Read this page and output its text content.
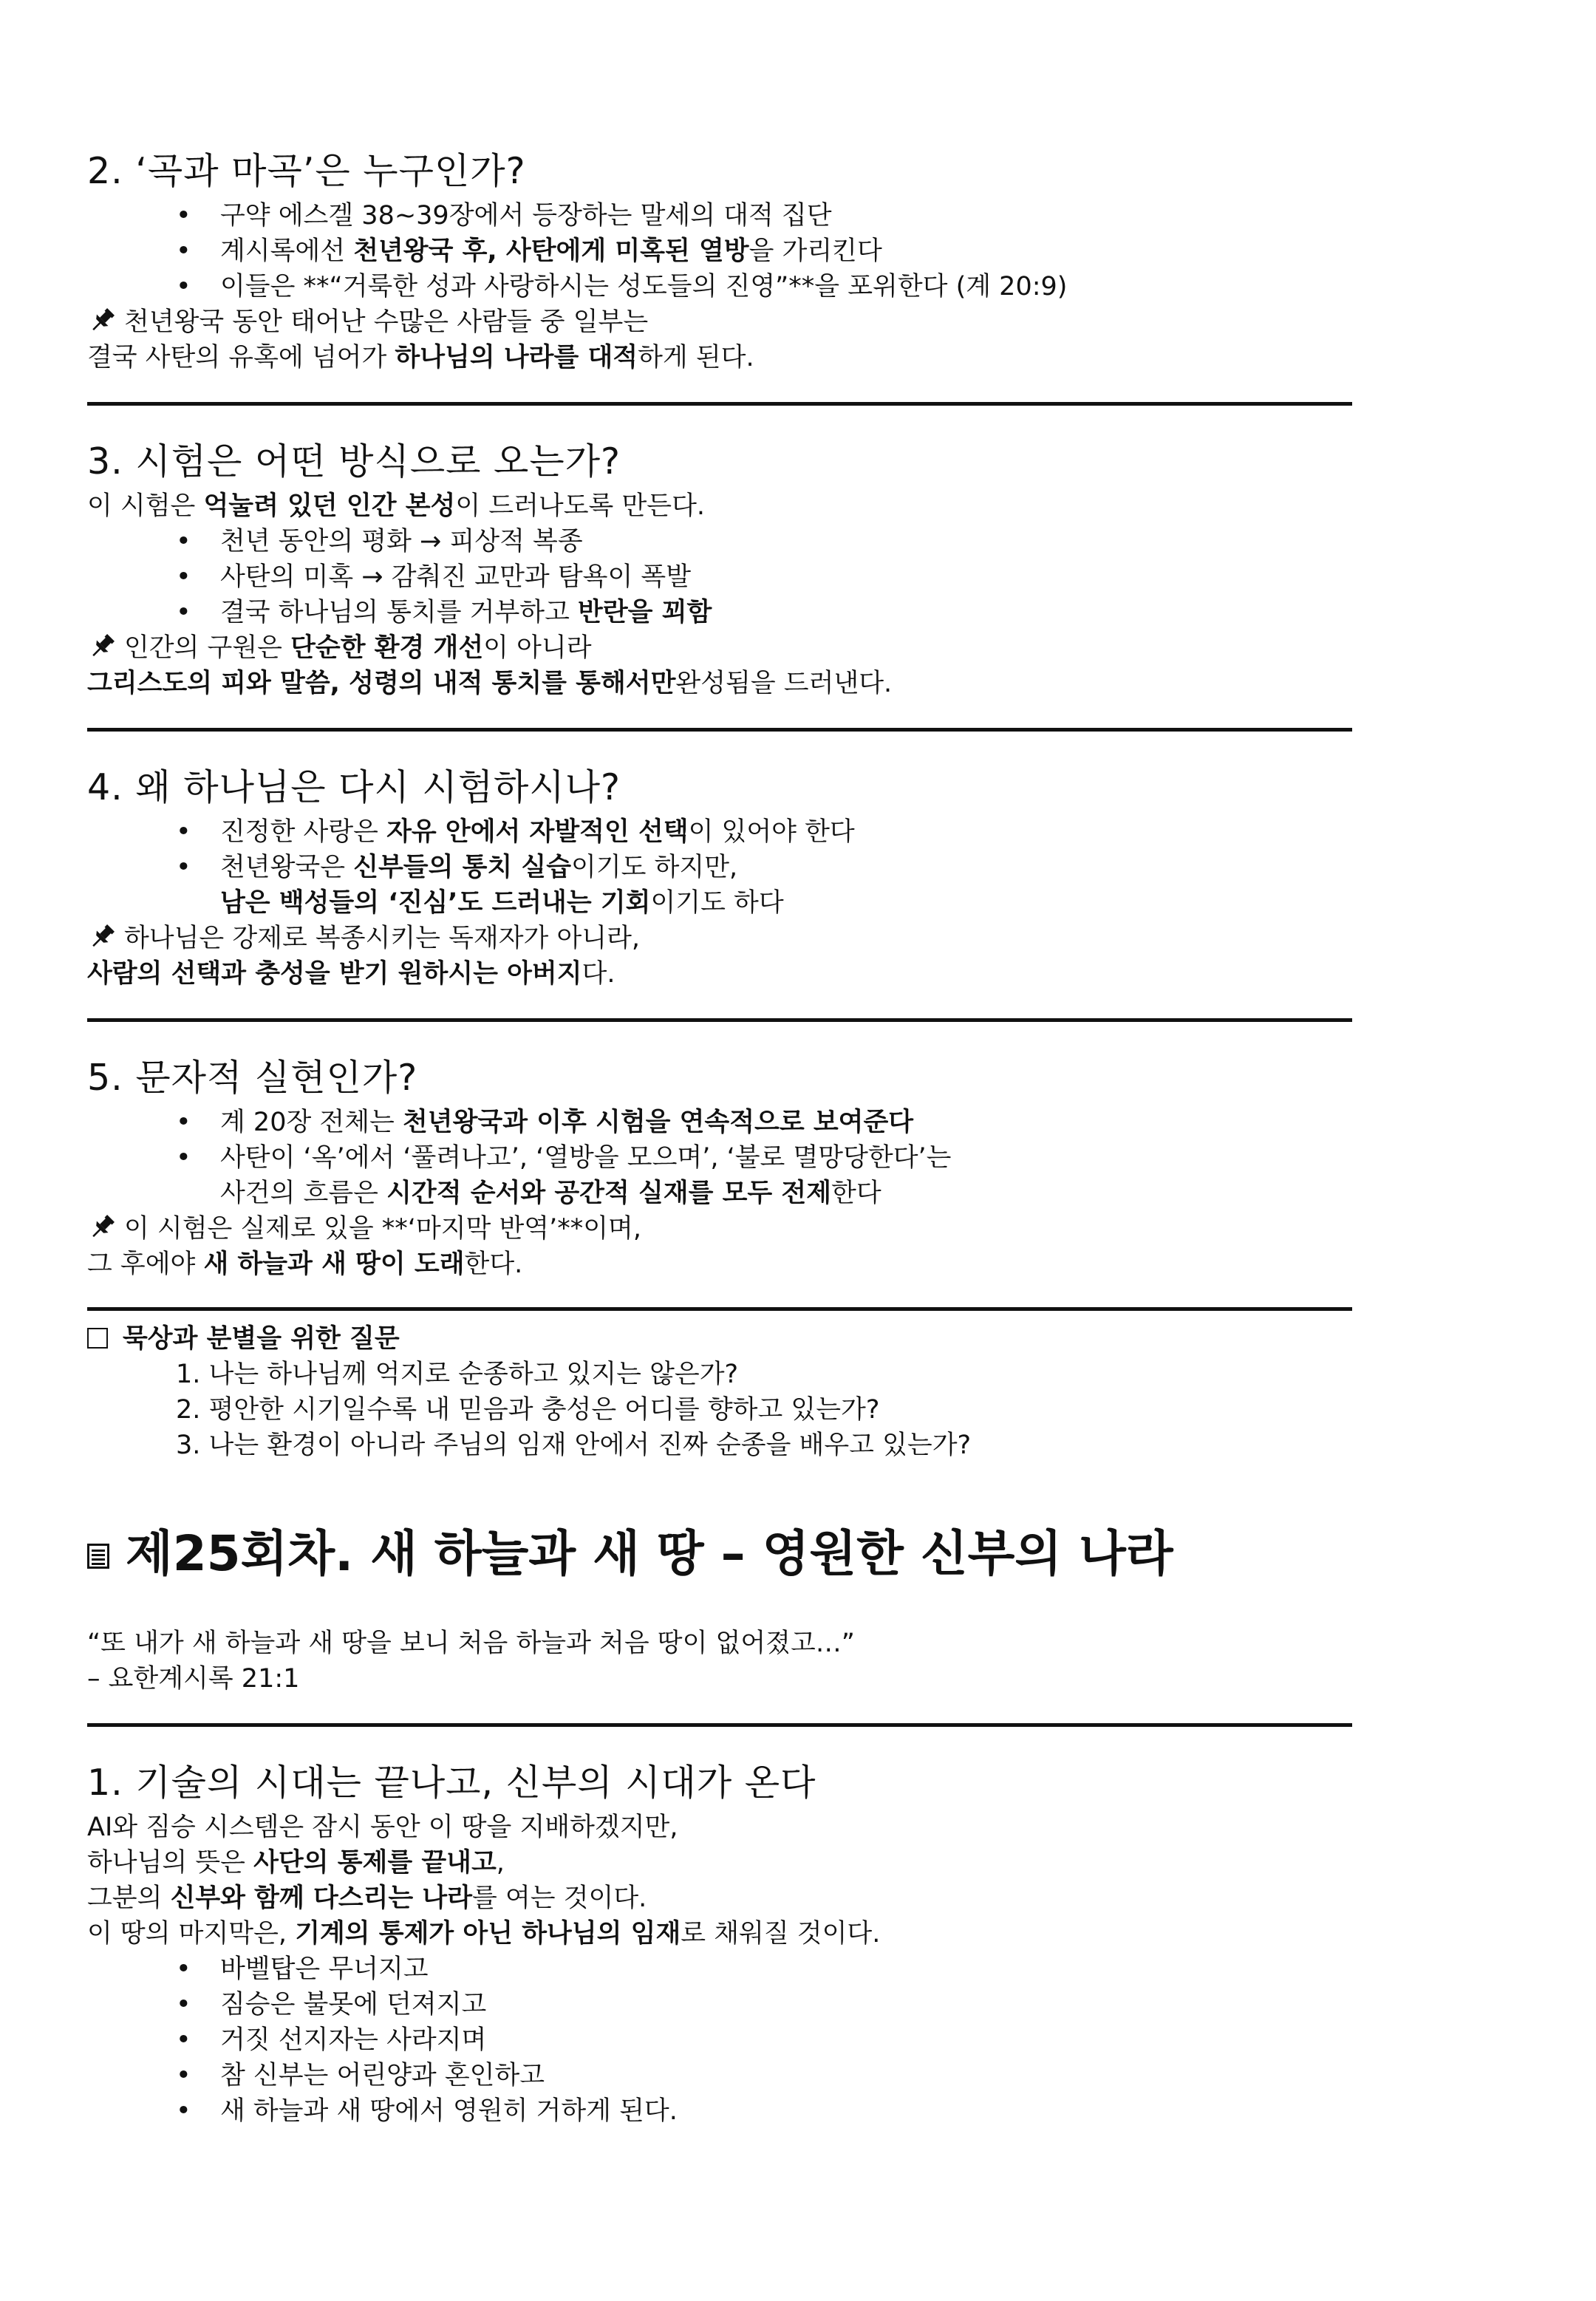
2. ‘곡과 마곡’은 누구인가?
• 구약 에스겔 38~39장에서 등장하는 말세의 대적 집단
• 계시록에선 천년왕국 후, 사탄에게 미혹된 열방을 가리킨다
• 이들은 **“거룩한 성과 사랑하시는 성도들의 진영”**을 포위한다 (계 20:9)
천년왕국 동안 태어난 수많은 사람들 중 일부는
결국 사탄의 유혹에 넘어가 하나님의 나라를 대적하게 된다.
3. 시험은 어떤 방식으로 오는가?
이 시험은 억눌려 있던 인간 본성이 드러나도록 만든다.
• 천년 동안의 평화 → 피상적 복종
• 사탄의 미혹 → 감춰진 교만과 탐욕이 폭발
• 결국 하나님의 통치를 거부하고 반란을 꾀함
인간의 구원은 단순한 환경 개선이 아니라
그리스도의 피와 말씀, 성령의 내적 통치를 통해서만완성됨을 드러낸다.
4. 왜 하나님은 다시 시험하시나?
• 진정한 사랑은 자유 안에서 자발적인 선택이 있어야 한다
• 천년왕국은 신부들의 통치 실습이기도 하지만,
남은 백성들의 ‘진심’도 드러내는 기회이기도 하다
하나님은 강제로 복종시키는 독재자가 아니라,
사람의 선택과 충성을 받기 원하시는 아버지다.
5. 문자적 실현인가?
• 계 20장 전체는 천년왕국과 이후 시험을 연속적으로 보여준다
• 사탄이 ‘옥’에서 ‘풀려나고’, ‘열방을 모으며’, ‘불로 멸망당한다’는
사건의 흐름은 시간적 순서와 공간적 실재를 모두 전제한다
이 시험은 실제로 있을 **‘마지막 반역’**이며,
그 후에야 새 하늘과 새 땅이 도래한다.
묵상과 분별을 위한 질문
1. 나는 하나님께 억지로 순종하고 있지는 않은가?
2. 평안한 시기일수록 내 믿음과 충성은 어디를 향하고 있는가?
3. 나는 환경이 아니라 주님의 임재 안에서 진짜 순종을 배우고 있는가?
제25회차. 새 하늘과 새 땅 – 영원한 신부의 나라
“또 내가 새 하늘과 새 땅을 보니 처음 하늘과 처음 땅이 없어졌고…”
– 요한계시록 21:1
1. 기술의 시대는 끝나고, 신부의 시대가 온다
AI와 짐승 시스템은 잠시 동안 이 땅을 지배하겠지만,
하나님의 뜻은 사단의 통제를 끝내고,
그분의 신부와 함께 다스리는 나라를 여는 것이다.
이 땅의 마지막은, 기계의 통제가 아닌 하나님의 임재로 채워질 것이다.
• 바벨탑은 무너지고
• 짐승은 불못에 던져지고
• 거짓 선지자는 사라지며
• 참 신부는 어린양과 혼인하고
• 새 하늘과 새 땅에서 영원히 거하게 된다.
